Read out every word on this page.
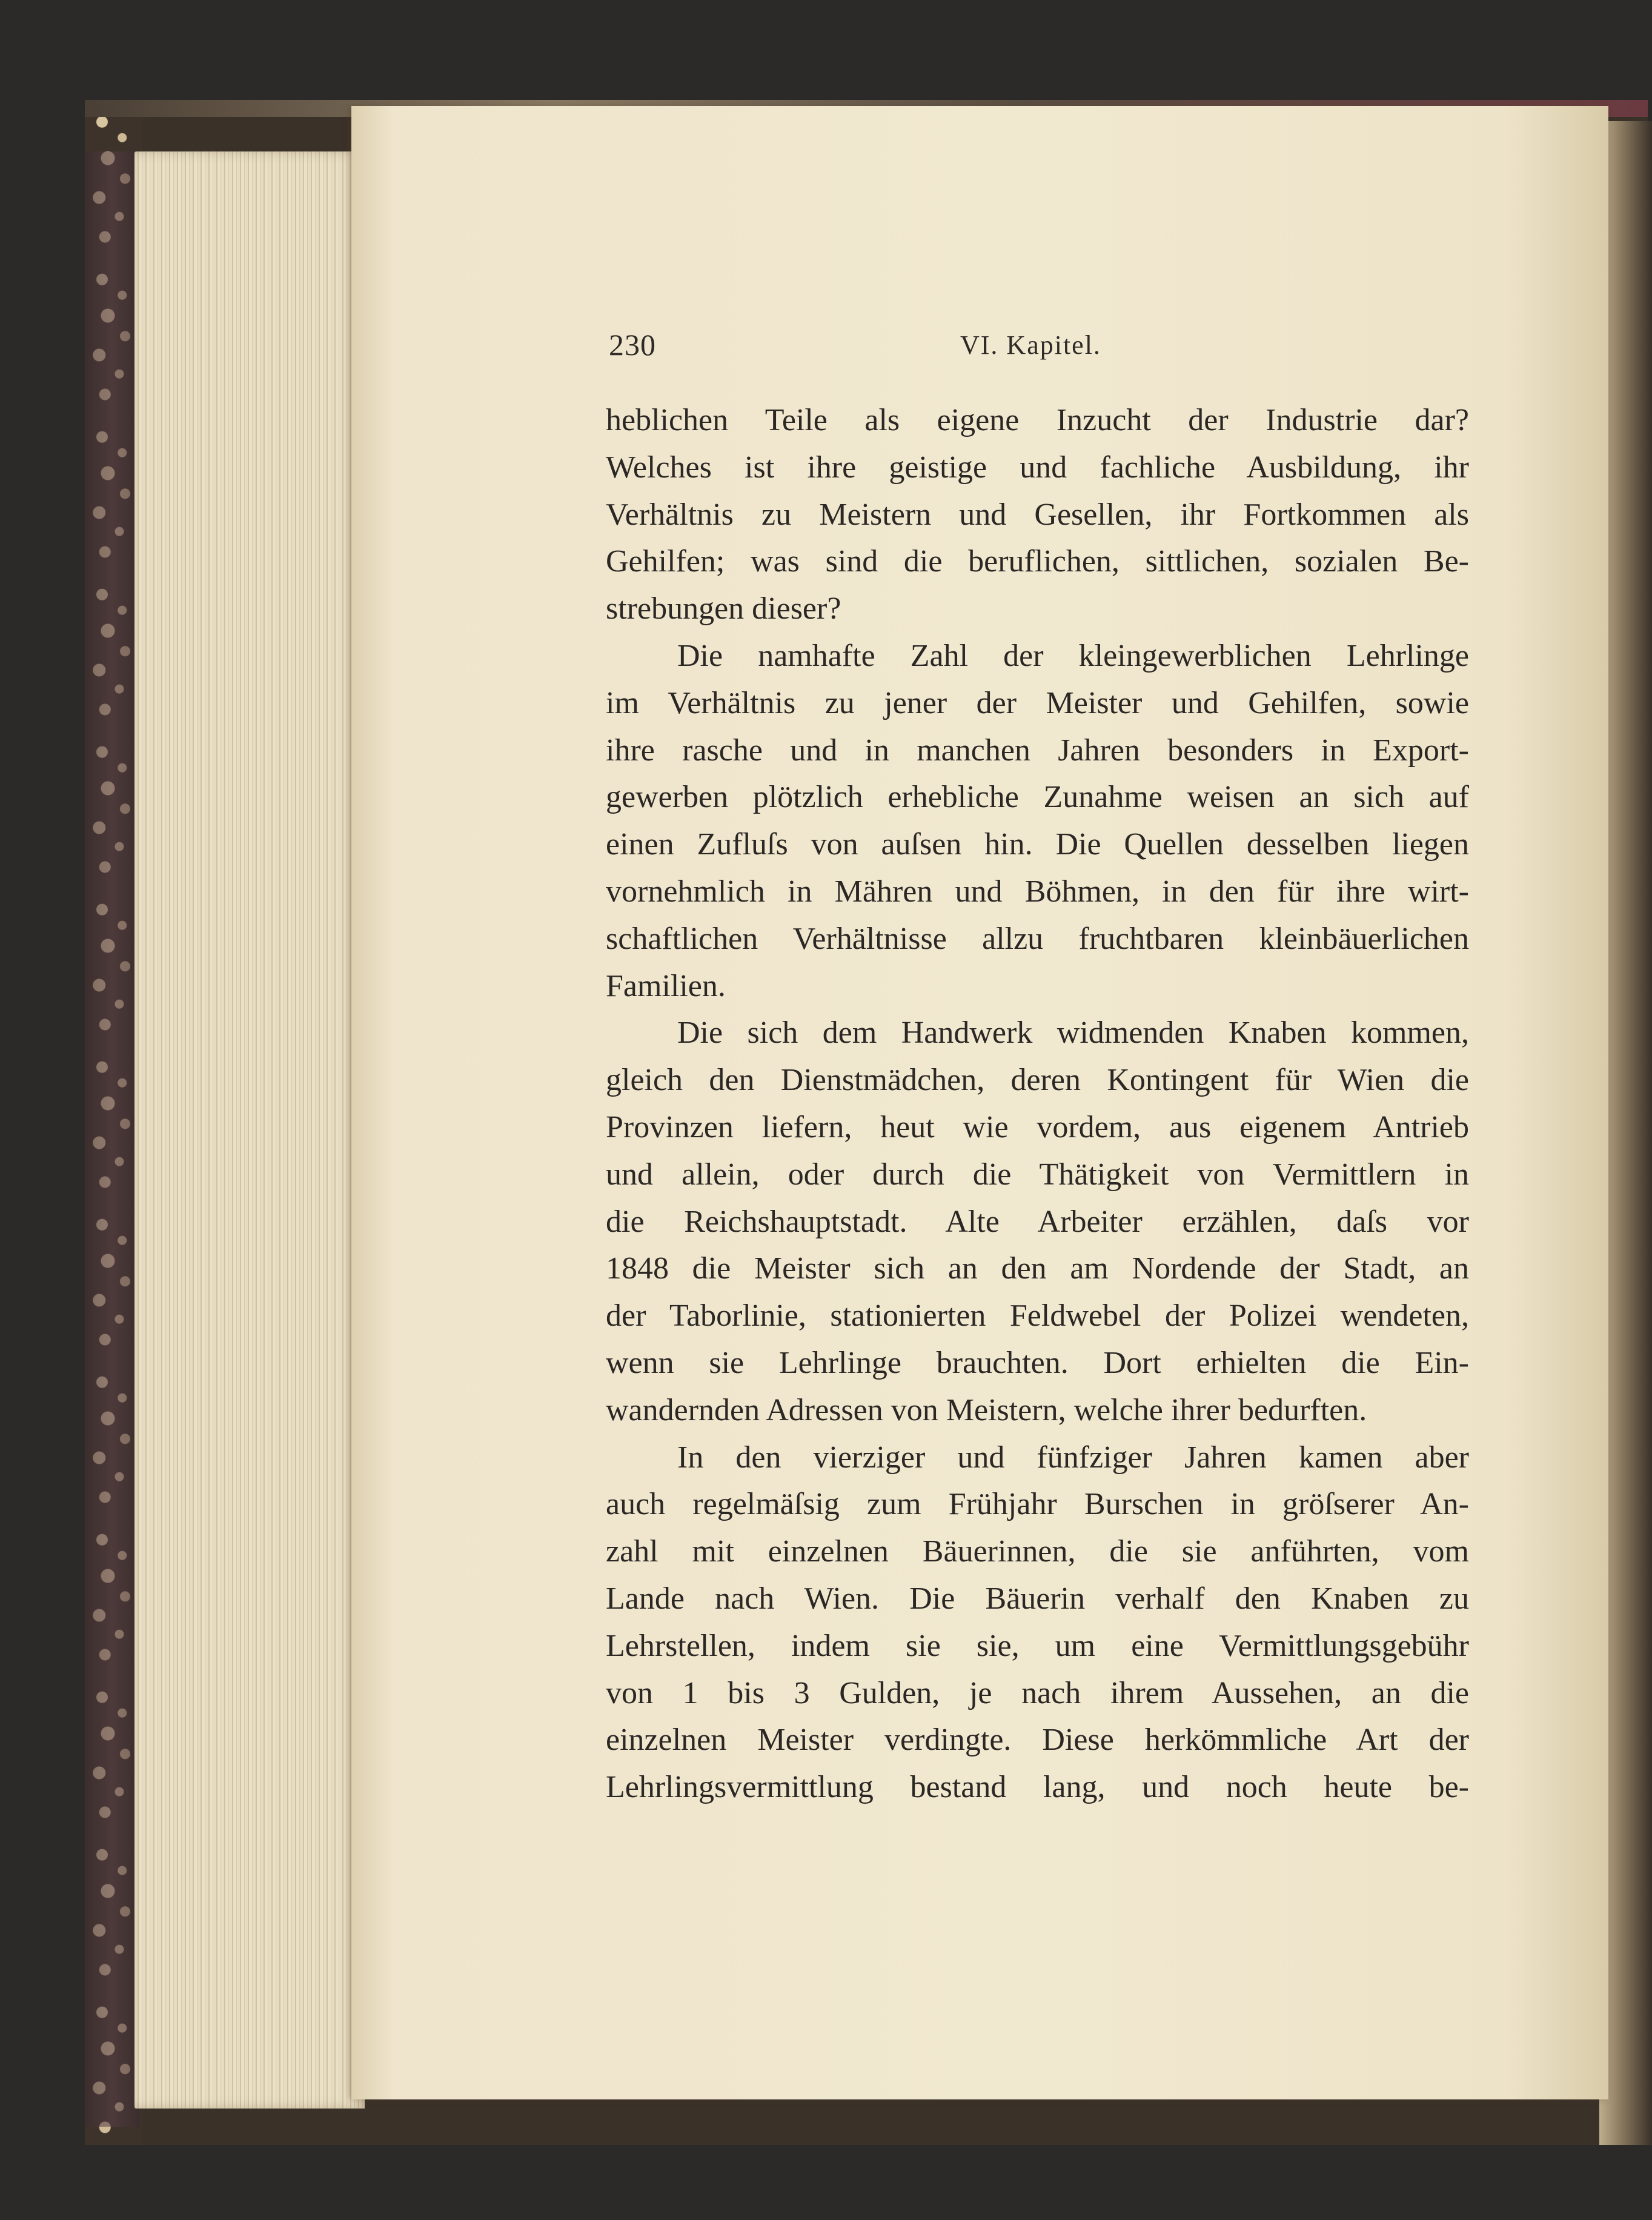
230	VI. Kapitel.
heblichen Teile als eigene Inzucht der Industrie dar?
Welches ist ihre geistige und fachliche Ausbildung, ihr
Verhältnis zu Meistern und Gesellen, ihr Fortkommen als
Gehilfen; was sind die beruflichen, sittlichen, sozialen Be-
strebungen dieser?
Die namhafte Zahl der kleingewerblichen Lehrlinge
im Verhältnis zu jener der Meister und Gehilfen, sowie
ihre rasche und in manchen Jahren besonders in Export-
gewerben plötzlich erhebliche Zunahme weisen an sich auf
einen Zufluſs von auſsen hin. Die Quellen desselben liegen
vornehmlich in Mähren und Böhmen, in den für ihre wirt-
schaftlichen Verhältnisse allzu fruchtbaren kleinbäuerlichen
Familien.
Die sich dem Handwerk widmenden Knaben kommen,
gleich den Dienstmädchen, deren Kontingent für Wien die
Provinzen liefern, heut wie vordem, aus eigenem Antrieb
und allein, oder durch die Thätigkeit von Vermittlern in
die Reichshauptstadt. Alte Arbeiter erzählen, daſs vor
1848 die Meister sich an den am Nordende der Stadt, an
der Taborlinie, stationierten Feldwebel der Polizei wendeten,
wenn sie Lehrlinge brauchten. Dort erhielten die Ein-
wandernden Adressen von Meistern, welche ihrer bedurften.
In den vierziger und fünfziger Jahren kamen aber
auch regelmäſsig zum Frühjahr Burschen in gröſserer An-
zahl mit einzelnen Bäuerinnen, die sie anführten, vom
Lande nach Wien. Die Bäuerin verhalf den Knaben zu
Lehrstellen, indem sie sie, um eine Vermittlungsgebühr
von 1 bis 3 Gulden, je nach ihrem Aussehen, an die
einzelnen Meister verdingte. Diese herkömmliche Art der
Lehrlingsvermittlung bestand lang, und noch heute be-
